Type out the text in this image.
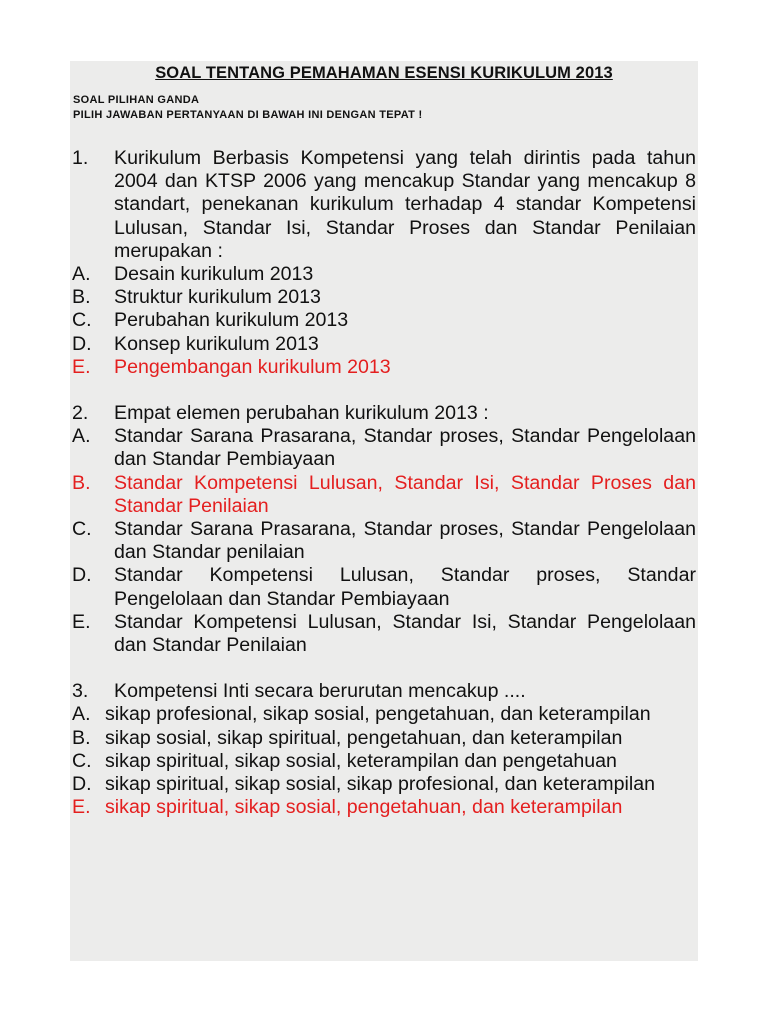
SOAL TENTANG PEMAHAMAN ESENSI KURIKULUM 2013
SOAL PILIHAN GANDA
PILIH JAWABAN PERTANYAAN DI BAWAH INI DENGAN TEPAT !
1.	Kurikulum Berbasis Kompetensi yang telah dirintis pada tahun 2004 dan KTSP 2006 yang mencakup Standar yang mencakup 8 standart, penekanan kurikulum terhadap 4 standar Kompetensi Lulusan, Standar Isi, Standar Proses dan Standar Penilaian merupakan :
A.	Desain kurikulum 2013
B.	Struktur kurikulum 2013
C.	Perubahan kurikulum 2013
D.	Konsep kurikulum 2013
E.	Pengembangan kurikulum 2013
2.	Empat elemen perubahan kurikulum 2013 :
A.	Standar Sarana Prasarana, Standar proses, Standar Pengelolaan dan Standar Pembiayaan
B.	Standar Kompetensi Lulusan, Standar Isi, Standar Proses dan Standar Penilaian
C.	Standar Sarana Prasarana, Standar proses, Standar Pengelolaan dan Standar penilaian
D.	Standar Kompetensi Lulusan, Standar proses, Standar Pengelolaan dan Standar Pembiayaan
E.	Standar Kompetensi Lulusan, Standar Isi, Standar Pengelolaan dan Standar Penilaian
3.	Kompetensi Inti secara berurutan mencakup ....
A. sikap profesional, sikap sosial, pengetahuan, dan keterampilan
B. sikap sosial, sikap spiritual, pengetahuan, dan keterampilan
C. sikap spiritual, sikap sosial, keterampilan dan pengetahuan
D. sikap spiritual, sikap sosial, sikap profesional, dan keterampilan
E. sikap spiritual, sikap sosial, pengetahuan, dan keterampilan
